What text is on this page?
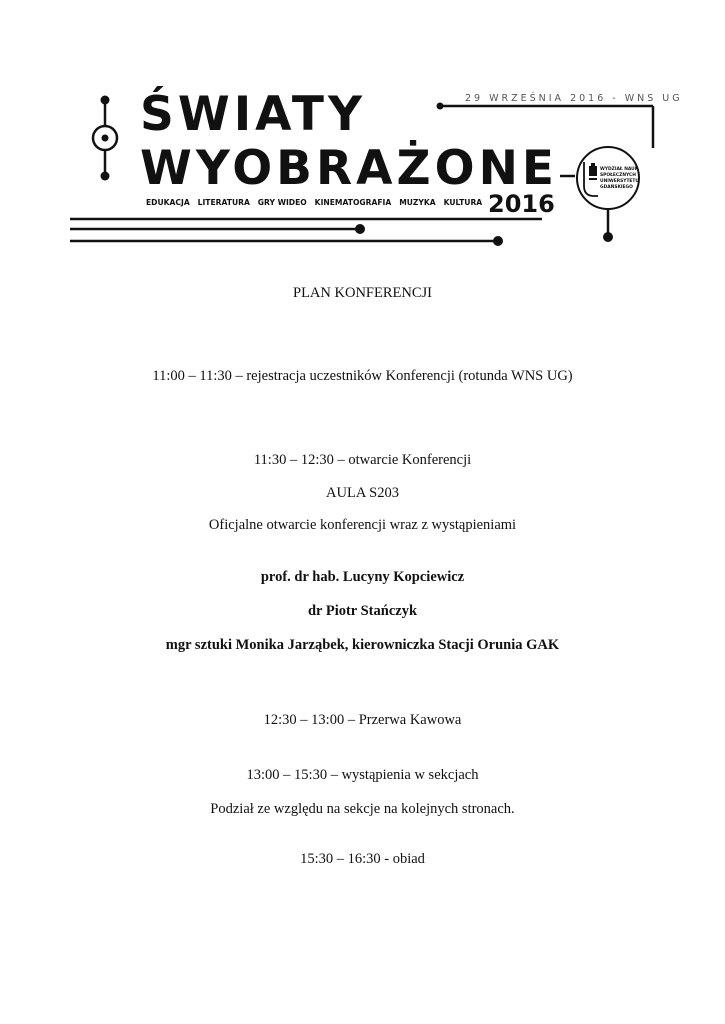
ŚWIATY
WYOBRAŻONE
29 WRZEŚNIA 2016 - WNS UG
EDUKACJA   LITERATURA   GRY WIDEO   KINEMATOGRAFIA   MUZYKA   KULTURA 2016
WYDZIAŁ NAUK
SPOŁECZNYCH
UNIWERSYTETU
GDAŃSKIEGO
PLAN KONFERENCJI
11:00 – 11:30 – rejestracja uczestników Konferencji (rotunda WNS UG)
11:30 – 12:30 – otwarcie Konferencji
AULA S203
Oficjalne otwarcie konferencji wraz z wystąpieniami
prof. dr hab. Lucyny Kopciewicz
dr Piotr Stańczyk
mgr sztuki Monika Jarząbek, kierowniczka Stacji Orunia GAK
12:30 – 13:00 – Przerwa Kawowa
13:00 – 15:30 – wystąpienia w sekcjach
Podział ze względu na sekcje na kolejnych stronach.
15:30 – 16:30 - obiad
